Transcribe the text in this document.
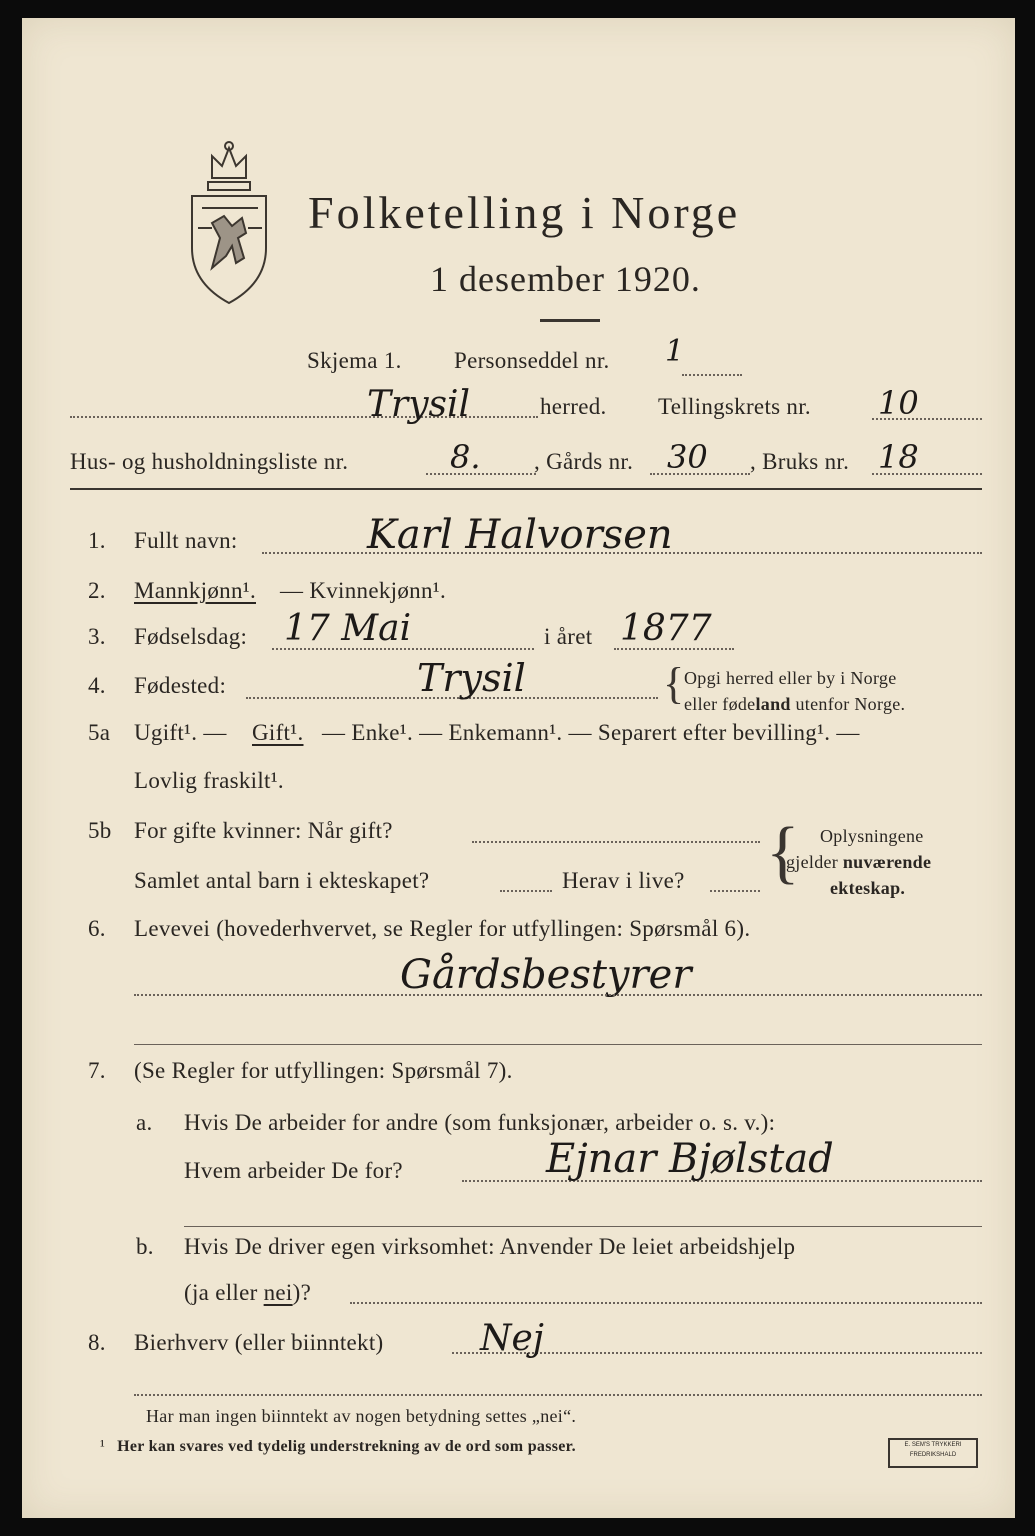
Folketelling i Norge
1 desember 1920.
Skjema 1. Personseddel nr. 1
Trysil	herred. Tellingskrets nr. 10
Hus- og husholdningsliste nr.	8. , Gårds nr. 30 , Bruks nr. 18
1. Fullt navn:	Karl Halvorsen
2. Mannkjønn¹. — Kvinnekjønn¹.
3. Fødselsdag: 17 Mai	i året 1877
4. Fødested:	Trysil	{ Opgi herred eller by i Norge
eller fødeland utenfor Norge.
5a Ugift¹. — Gift¹. — Enke¹. — Enkemann¹. — Separert efter bevilling¹. —
Lovlig fraskilt¹.
5b For gifte kvinner: Når gift?
Samlet antal barn i ekteskapet?	Herav i live? { Oplysningene
gjelder nuværende
ekteskap.
6. Levevei (hovederhvervet, se Regler for utfyllingen: Spørsmål 6).
Gårdsbestyrer
7. (Se Regler for utfyllingen: Spørsmål 7).
a. Hvis De arbeider for andre (som funksjonær, arbeider o. s. v.):
Hvem arbeider De for?	Ejnar Bjølstad
b. Hvis De driver egen virksomhet: Anvender De leiet arbeidshjelp
(ja eller nei)?
8. Bierhverv (eller biinntekt)	Nej
Har man ingen biinntekt av nogen betydning settes „nei“.
¹ Her kan svares ved tydelig understrekning av de ord som passer.	E. SEM'S TRYKKERI
FREDRIKSHALD
